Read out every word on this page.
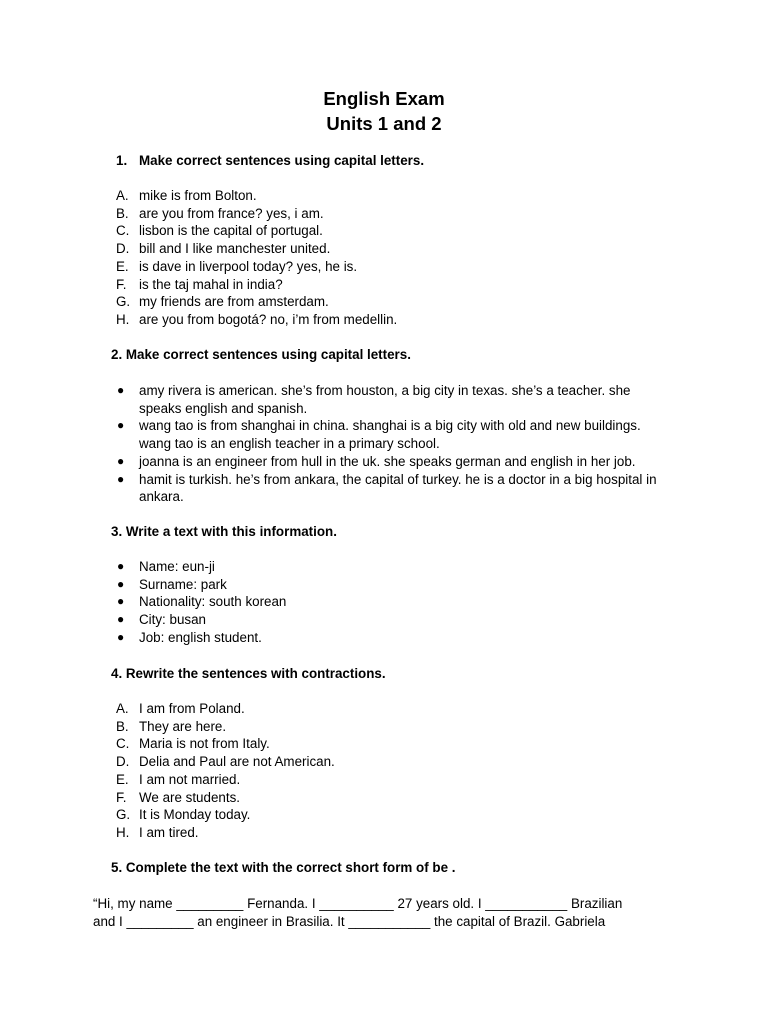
English Exam
Units 1 and 2
1. Make correct sentences using capital letters.
A. mike is from Bolton.
B. are you from france? yes, i am.
C. lisbon is the capital of portugal.
D. bill and I like manchester united.
E. is dave in liverpool today? yes, he is.
F. is the taj mahal in india?
G. my friends are from amsterdam.
H. are you from bogotá? no, i’m from medellin.
2. Make correct sentences using capital letters.
● amy rivera is american. she’s from houston, a big city in texas. she’s a teacher. she speaks english and spanish.
● wang tao is from shanghai in china. shanghai is a big city with old and new buildings. wang tao is an english teacher in a primary school.
● joanna is an engineer from hull in the uk. she speaks german and english in her job.
● hamit is turkish. he’s from ankara, the capital of turkey. he is a doctor in a big hospital in ankara.
3. Write a text with this information.
● Name: eun-ji
● Surname: park
● Nationality: south korean
● City: busan
● Job: english student.
4. Rewrite the sentences with contractions.
A. I am from Poland.
B. They are here.
C. Maria is not from Italy.
D. Delia and Paul are not American.
E. I am not married.
F. We are students.
G. It is Monday today.
H. I am tired.
5. Complete the text with the correct short form of be .
“Hi, my name _________ Fernanda. I __________ 27 years old. I ___________ Brazilian
and I _________ an engineer in Brasilia. It ___________ the capital of Brazil. Gabriela
